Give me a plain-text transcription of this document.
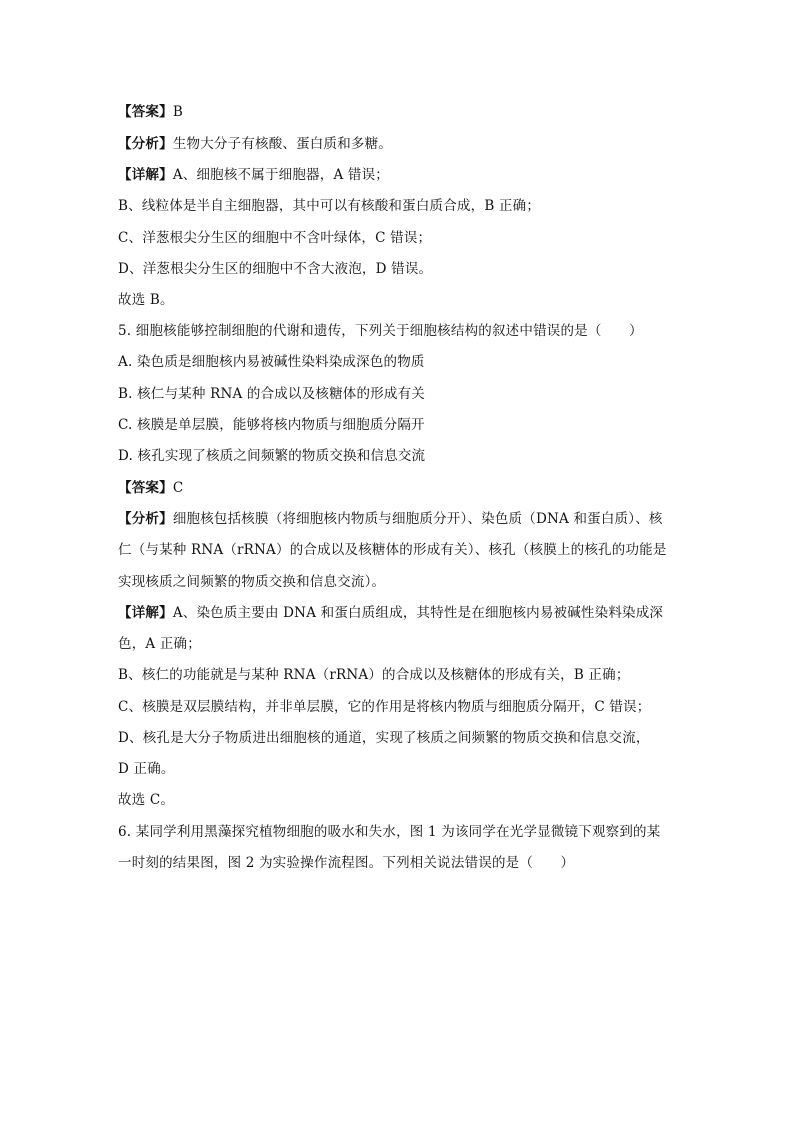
【答案】B
【分析】生物大分子有核酸、蛋白质和多糖。
【详解】A、细胞核不属于细胞器，A 错误；
B、线粒体是半自主细胞器，其中可以有核酸和蛋白质合成，B 正确；
C、洋葱根尖分生区的细胞中不含叶绿体，C 错误；
D、洋葱根尖分生区的细胞中不含大液泡，D 错误。
故选 B。
5. 细胞核能够控制细胞的代谢和遗传，下列关于细胞核结构的叙述中错误的是（　　）
A. 染色质是细胞核内易被碱性染料染成深色的物质
B. 核仁与某种 RNA 的合成以及核糖体的形成有关
C. 核膜是单层膜，能够将核内物质与细胞质分隔开
D. 核孔实现了核质之间频繁的物质交换和信息交流
【答案】C
【分析】细胞核包括核膜（将细胞核内物质与细胞质分开）、染色质（DNA 和蛋白质）、核
仁（与某种 RNA（rRNA）的合成以及核糖体的形成有关）、核孔（核膜上的核孔的功能是
实现核质之间频繁的物质交换和信息交流）。
【详解】A、染色质主要由 DNA 和蛋白质组成，其特性是在细胞核内易被碱性染料染成深
色，A 正确；
B、核仁的功能就是与某种 RNA（rRNA）的合成以及核糖体的形成有关，B 正确；
C、核膜是双层膜结构，并非单层膜，它的作用是将核内物质与细胞质分隔开，C 错误；
D、核孔是大分子物质进出细胞核的通道，实现了核质之间频繁的物质交换和信息交流，
D 正确。
故选 C。
6. 某同学利用黑藻探究植物细胞的吸水和失水，图 1 为该同学在光学显微镜下观察到的某
一时刻的结果图，图 2 为实验操作流程图。下列相关说法错误的是（　　）
